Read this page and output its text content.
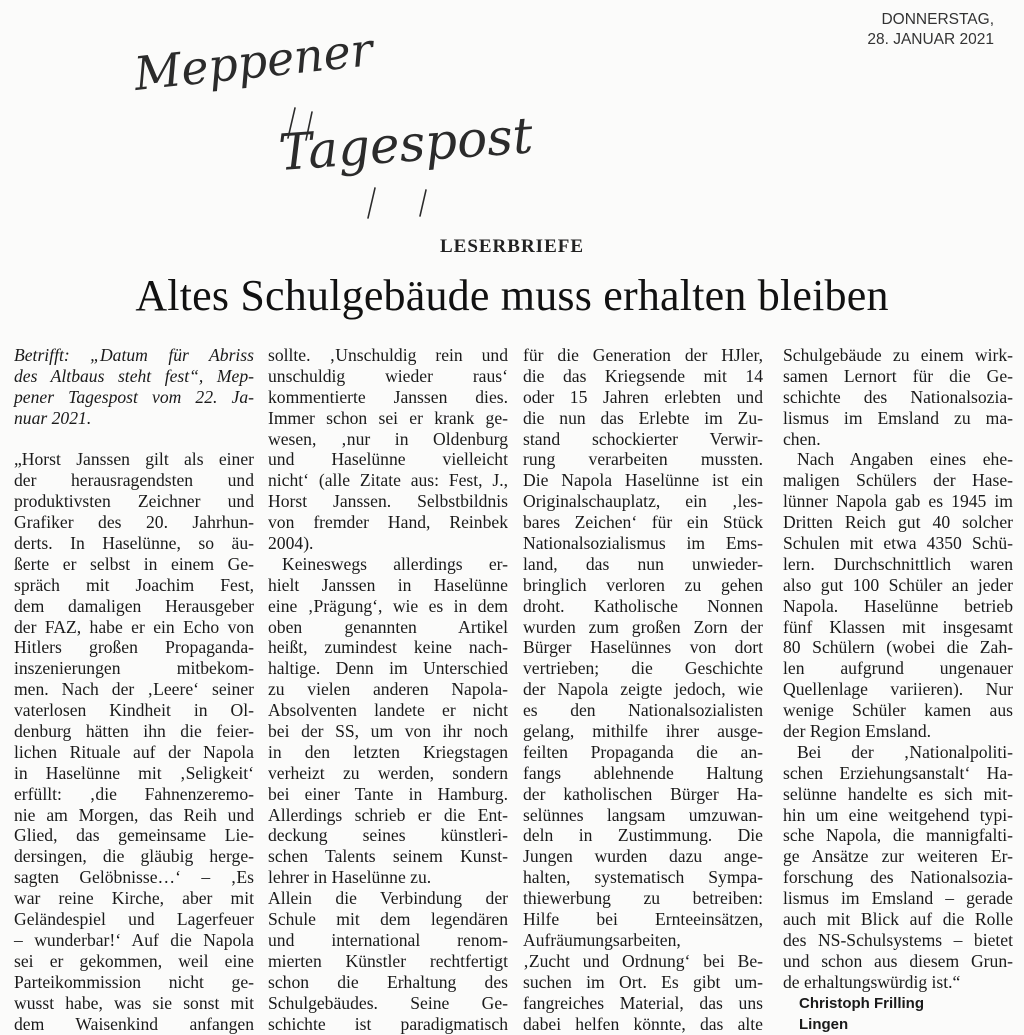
Meppener
Tagespost
DONNERSTAG,
28. JANUAR 2021
LESERBRIEFE
Altes Schulgebäude muss erhalten bleiben
Betrifft: „Datum für Abriss
des Altbaus steht fest“, Mep-
pener Tagespost vom 22. Ja-
nuar 2021.
„Horst Janssen gilt als einer
der herausragendsten und
produktivsten Zeichner und
Grafiker des 20. Jahrhun-
derts. In Haselünne, so äu-
ßerte er selbst in einem Ge-
spräch mit Joachim Fest,
dem damaligen Herausgeber
der FAZ, habe er ein Echo von
Hitlers großen Propaganda-
inszenierungen mitbekom-
men. Nach der ‚Leere‘ seiner
vaterlosen Kindheit in Ol-
denburg hätten ihn die feier-
lichen Rituale auf der Napola
in Haselünne mit ‚Seligkeit‘
erfüllt: ‚die Fahnenzeremo-
nie am Morgen, das Reih und
Glied, das gemeinsame Lie-
dersingen, die gläubig herge-
sagten Gelöbnisse…‘ – ‚Es
war reine Kirche, aber mit
Geländespiel und Lagerfeuer
– wunderbar!‘ Auf die Napola
sei er gekommen, weil eine
Parteikommission nicht ge-
wusst habe, was sie sonst mit
dem Waisenkind anfangen
sollte. ‚Unschuldig rein und
unschuldig wieder raus‘
kommentierte Janssen dies.
Immer schon sei er krank ge-
wesen, ‚nur in Oldenburg
und Haselünne vielleicht
nicht‘ (alle Zitate aus: Fest, J.,
Horst Janssen. Selbstbildnis
von fremder Hand, Reinbek
2004).
Keineswegs allerdings er-
hielt Janssen in Haselünne
eine ‚Prägung‘, wie es in dem
oben genannten Artikel
heißt, zumindest keine nach-
haltige. Denn im Unterschied
zu vielen anderen Napola-
Absolventen landete er nicht
bei der SS, um von ihr noch
in den letzten Kriegstagen
verheizt zu werden, sondern
bei einer Tante in Hamburg.
Allerdings schrieb er die Ent-
deckung seines künstleri-
schen Talents seinem Kunst-
lehrer in Haselünne zu.
Allein die Verbindung der
Schule mit dem legendären
und international renom-
mierten Künstler rechtfertigt
schon die Erhaltung des
Schulgebäudes. Seine Ge-
schichte ist paradigmatisch
für die Generation der HJler,
die das Kriegsende mit 14
oder 15 Jahren erlebten und
die nun das Erlebte im Zu-
stand schockierter Verwir-
rung verarbeiten mussten.
Die Napola Haselünne ist ein
Originalschauplatz, ein ‚les-
bares Zeichen‘ für ein Stück
Nationalsozialismus im Ems-
land, das nun unwieder-
bringlich verloren zu gehen
droht. Katholische Nonnen
wurden zum großen Zorn der
Bürger Haselünnes von dort
vertrieben; die Geschichte
der Napola zeigte jedoch, wie
es den Nationalsozialisten
gelang, mithilfe ihrer ausge-
feilten Propaganda die an-
fangs ablehnende Haltung
der katholischen Bürger Ha-
selünnes langsam umzuwan-
deln in Zustimmung. Die
Jungen wurden dazu ange-
halten, systematisch Sympa-
thiewerbung zu betreiben:
Hilfe bei Ernteeinsätzen,
Aufräumungsarbeiten,
‚Zucht und Ordnung‘ bei Be-
suchen im Ort. Es gibt um-
fangreiches Material, das uns
dabei helfen könnte, das alte
Schulgebäude zu einem wirk-
samen Lernort für die Ge-
schichte des Nationalsozia-
lismus im Emsland zu ma-
chen.
Nach Angaben eines ehe-
maligen Schülers der Hase-
lünner Napola gab es 1945 im
Dritten Reich gut 40 solcher
Schulen mit etwa 4350 Schü-
lern. Durchschnittlich waren
also gut 100 Schüler an jeder
Napola. Haselünne betrieb
fünf Klassen mit insgesamt
80 Schülern (wobei die Zah-
len aufgrund ungenauer
Quellenlage variieren). Nur
wenige Schüler kamen aus
der Region Emsland.
Bei der ‚Nationalpoliti-
schen Erziehungsanstalt‘ Ha-
selünne handelte es sich mit-
hin um eine weitgehend typi-
sche Napola, die mannigfalti-
ge Ansätze zur weiteren Er-
forschung des Nationalsozia-
lismus im Emsland – gerade
auch mit Blick auf die Rolle
des NS-Schulsystems – bietet
und schon aus diesem Grun-
de erhaltungswürdig ist.“
Christoph Frilling
Lingen
